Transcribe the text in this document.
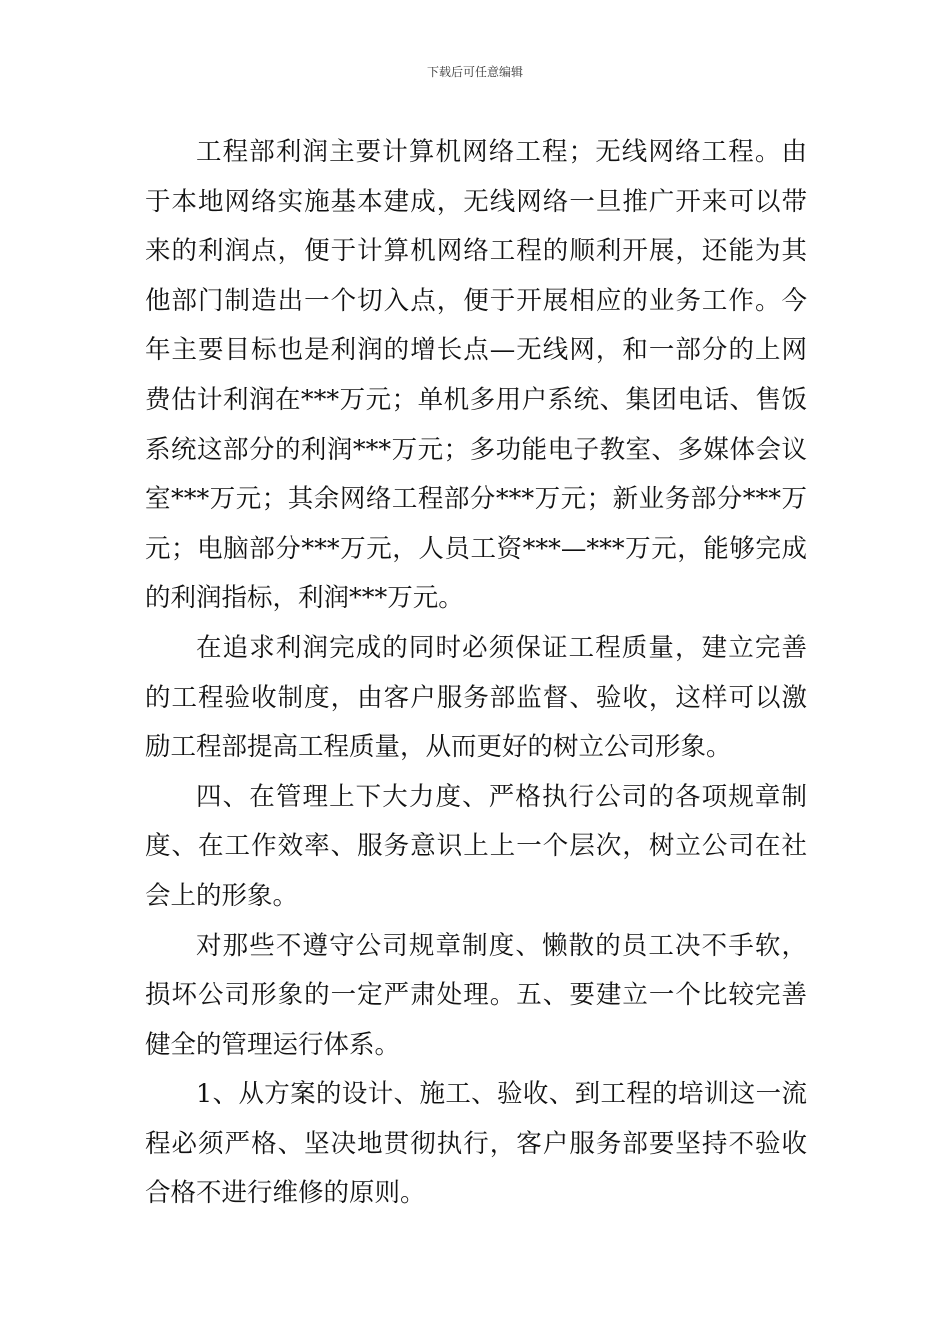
下载后可任意编辑

工程部利润主要计算机网络工程；无线网络工程。由于本地网络实施基本建成，无线网络一旦推广开来可以带来的利润点，便于计算机网络工程的顺利开展，还能为其他部门制造出一个切入点，便于开展相应的业务工作。今年主要目标也是利润的增长点—无线网，和一部分的上网费估计利润在***万元；单机多用户系统、集团电话、售饭系统这部分的利润***万元；多功能电子教室、多媒体会议室***万元；其余网络工程部分***万元；新业务部分***万元；电脑部分***万元，人员工资***—***万元，能够完成的利润指标，利润***万元。

在追求利润完成的同时必须保证工程质量，建立完善的工程验收制度，由客户服务部监督、验收，这样可以激励工程部提高工程质量，从而更好的树立公司形象。

四、在管理上下大力度、严格执行公司的各项规章制度、在工作效率、服务意识上上一个层次，树立公司在社会上的形象。

对那些不遵守公司规章制度、懒散的员工决不手软，损坏公司形象的一定严肃处理。五、要建立一个比较完善健全的管理运行体系。

1、从方案的设计、施工、验收、到工程的培训这一流程必须严格、坚决地贯彻执行，客户服务部要坚持不验收合格不进行维修的原则。
